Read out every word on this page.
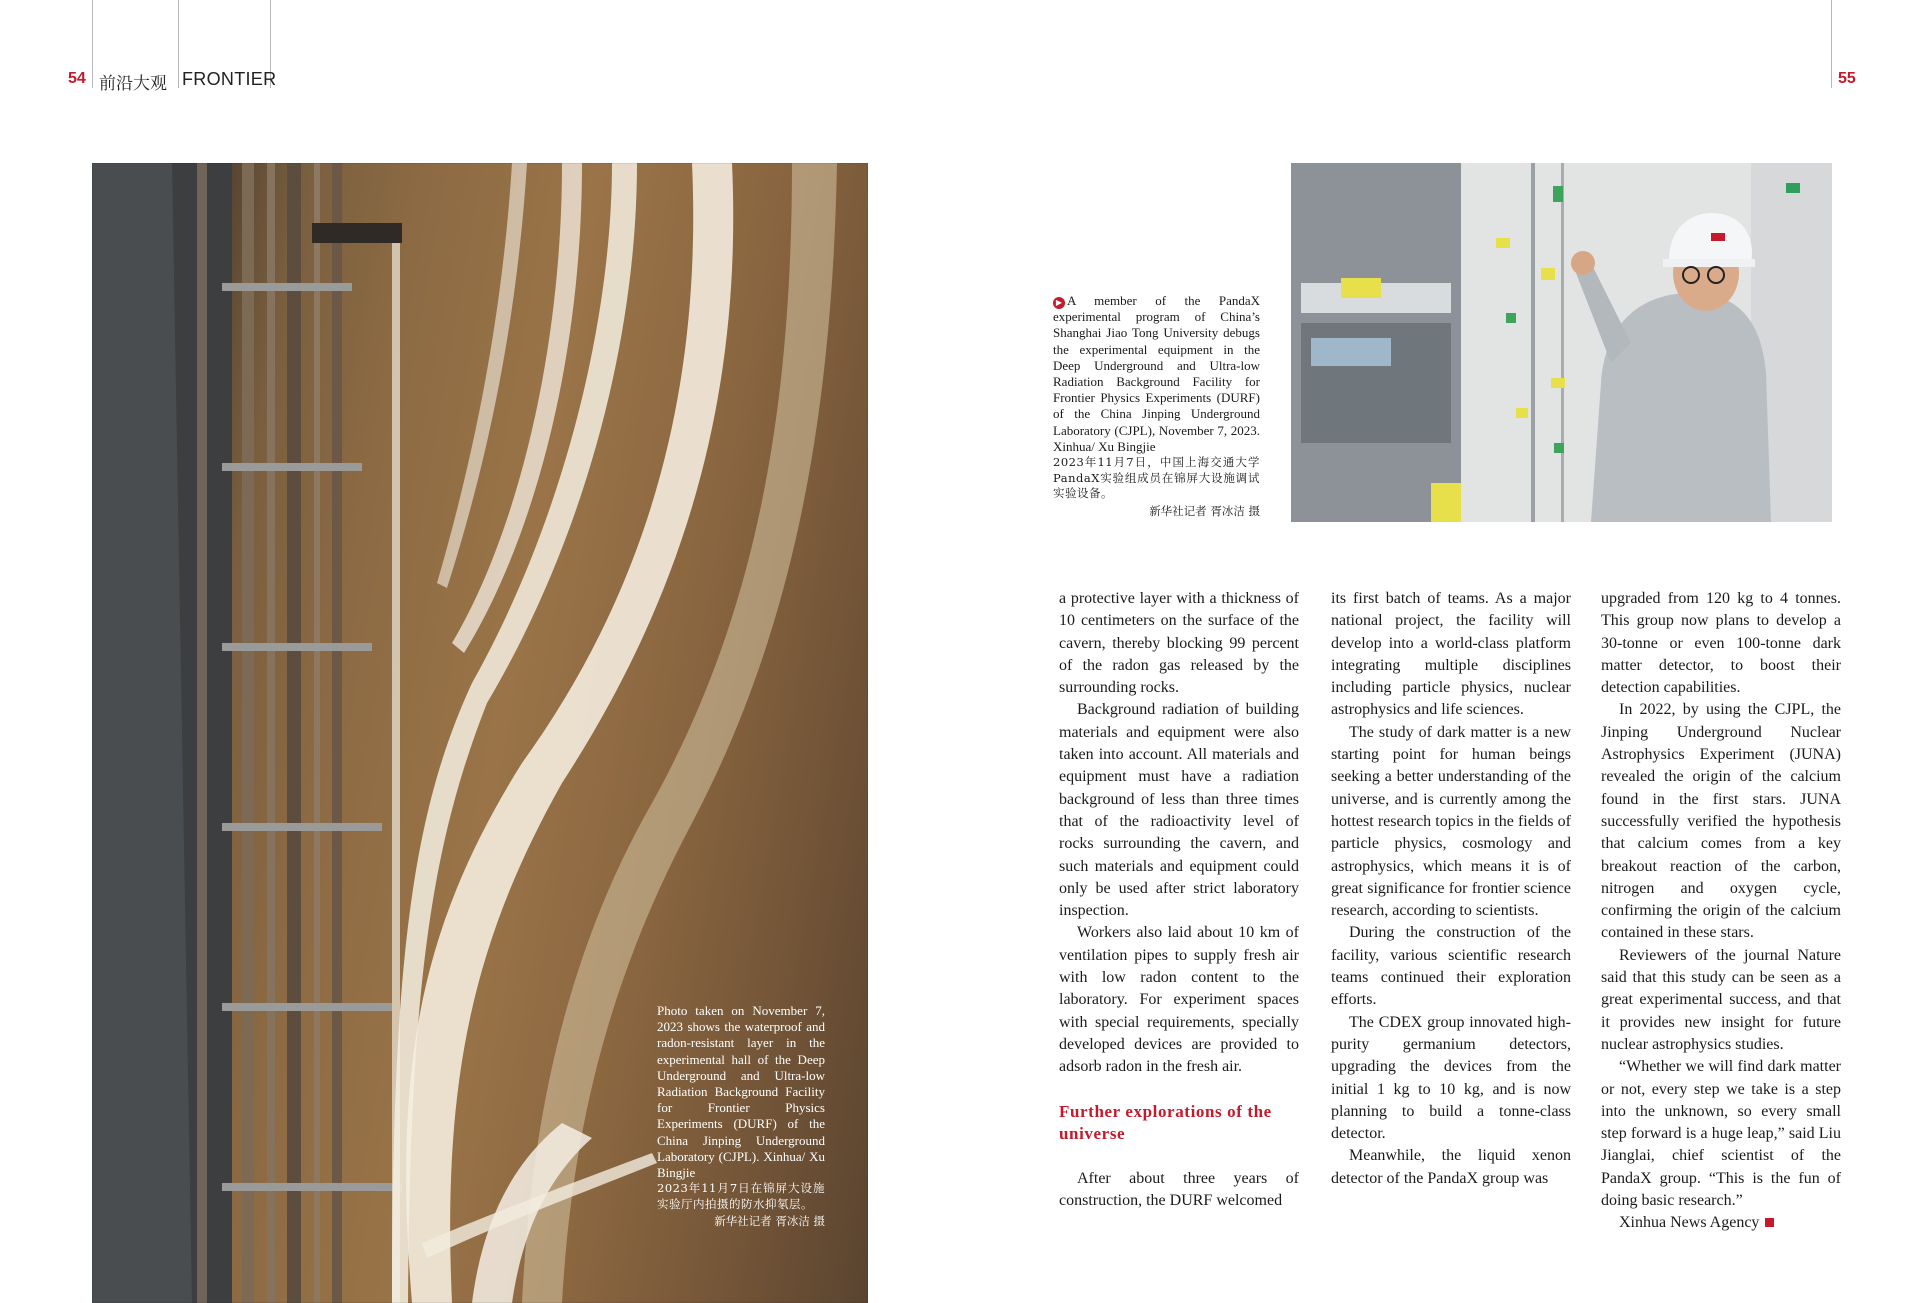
54 前沿大观 FRONTIER	55
Photo taken on November 7, 2023 shows the waterproof and radon-resistant layer in the experimental hall of the Deep Underground and Ultra-low Radiation Background Facility for Frontier Physics Experiments (DURF) of the China Jinping Underground Laboratory (CJPL). Xinhua/ Xu Bingjie
2023年11月7日在锦屏大设施实验厅内拍摄的防水抑氡层。
新华社记者 胥冰洁 摄
▶ A member of the PandaX experimental program of China’s Shanghai Jiao Tong University debugs the experimental equipment in the Deep Underground and Ultra-low Radiation Background Facility for Frontier Physics Experiments (DURF) of the China Jinping Underground Laboratory (CJPL), November 7, 2023. Xinhua/ Xu Bingjie
2023年11月7日，中国上海交通大学PandaX实验组成员在锦屏大设施调试实验设备。
新华社记者 胥冰洁 摄

a protective layer with a thickness of 10 centimeters on the surface of the cavern, thereby blocking 99 percent of the radon gas released by the surrounding rocks.

Background radiation of building materials and equipment were also taken into account. All materials and equipment must have a radiation background of less than three times that of the radioactivity level of rocks surrounding the cavern, and such materials and equipment could only be used after strict laboratory inspection.

Workers also laid about 10 km of ventilation pipes to supply fresh air with low radon content to the laboratory. For experiment spaces with special requirements, specially developed devices are provided to adsorb radon in the fresh air.

Further explorations of the universe

After about three years of construction, the DURF welcomed

its first batch of teams. As a major national project, the facility will develop into a world-class platform integrating multiple disciplines including particle physics, nuclear astrophysics and life sciences.

The study of dark matter is a new starting point for human beings seeking a better understanding of the universe, and is currently among the hottest research topics in the fields of particle physics, cosmology and astrophysics, which means it is of great significance for frontier science research, according to scientists.

During the construction of the facility, various scientific research teams continued their exploration efforts.

The CDEX group innovated high-purity germanium detectors, upgrading the devices from the initial 1 kg to 10 kg, and is now planning to build a tonne-class detector.

Meanwhile, the liquid xenon detector of the PandaX group was

upgraded from 120 kg to 4 tonnes. This group now plans to develop a 30-tonne or even 100-tonne dark matter detector, to boost their detection capabilities.

In 2022, by using the CJPL, the Jinping Underground Nuclear Astrophysics Experiment (JUNA) revealed the origin of the calcium found in the first stars. JUNA successfully verified the hypothesis that calcium comes from a key breakout reaction of the carbon, nitrogen and oxygen cycle, confirming the origin of the calcium contained in these stars.

Reviewers of the journal Nature said that this study can be seen as a great experimental success, and that it provides new insight for future nuclear astrophysics studies.

“Whether we will find dark matter or not, every step we take is a step into the unknown, so every small step forward is a huge leap,” said Liu Jianglai, chief scientist of the PandaX group. “This is the fun of doing basic research.”

Xinhua News Agency
